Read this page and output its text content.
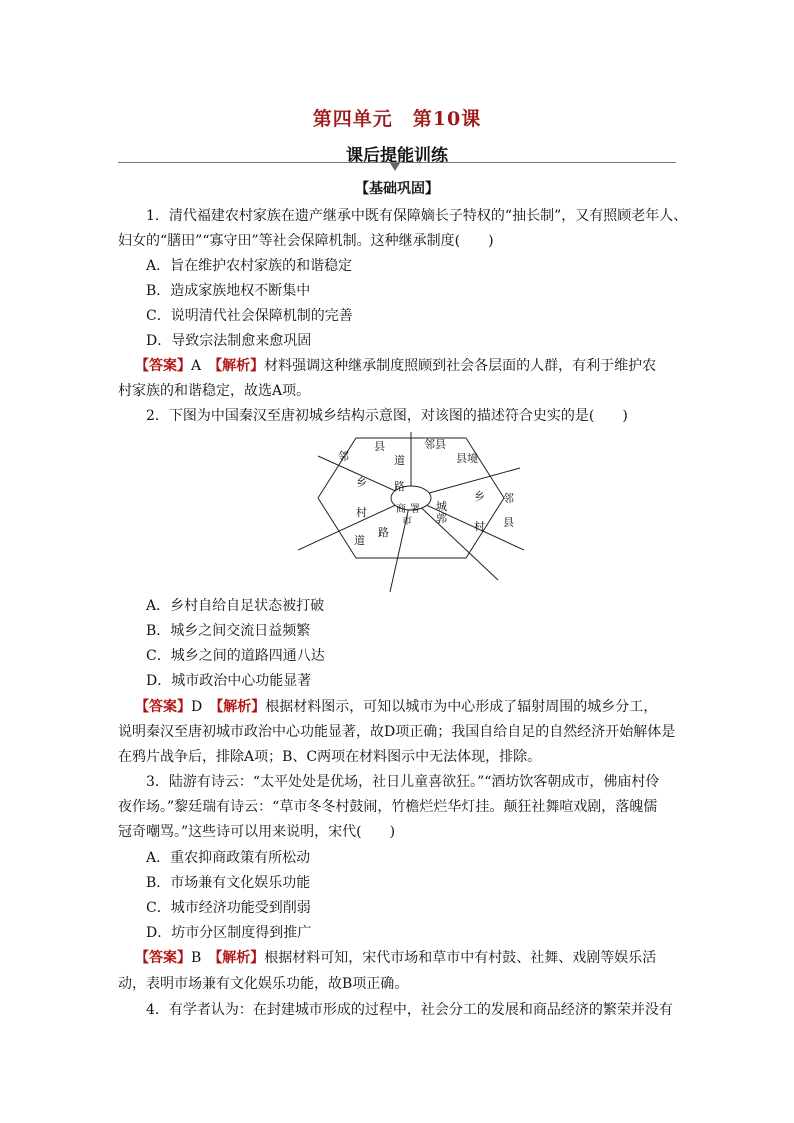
第四单元　第10课
课后提能训练
【基础巩固】
1．清代福建农村家族在遗产继承中既有保障嫡长子特权的“抽长制”，又有照顾老年人、
妇女的“膳田”“寡守田”等社会保障机制。这种继承制度(　　)
A．旨在维护农村家族的和谐稳定
B．造成家族地权不断集中
C．说明清代社会保障机制的完善
D．导致宗法制愈来愈巩固
【答案】A　 【解析】材料强调这种继承制度照顾到社会各层面的人群，有利于维护农
村家族的和谐稳定，故选A项。
2．下图为中国秦汉至唐初城乡结构示意图，对该图的描述符合史实的是(　　)
邻
县	邻县
县境
道
路
乡
村	商 署
市
城
郭
乡
村
邻
县
路
道
A．乡村自给自足状态被打破
B．城乡之间交流日益频繁
C．城乡之间的道路四通八达
D．城市政治中心功能显著
【答案】D　 【解析】根据材料图示，可知以城市为中心形成了辐射周围的城乡分工，
说明秦汉至唐初城市政治中心功能显著，故D项正确；我国自给自足的自然经济开始解体是
在鸦片战争后，排除A项；B、C两项在材料图示中无法体现，排除。
3．陆游有诗云：“太平处处是优场，社日儿童喜欲狂。”“酒坊饮客朝成市，佛庙村伶
夜作场。”黎廷瑞有诗云：“草市冬冬村鼓闹，竹檐烂烂华灯挂。颠狂社舞喧戏剧，落魄儒
冠奇嘲骂。”这些诗可以用来说明，宋代(　　)
A．重农抑商政策有所松动
B．市场兼有文化娱乐功能
C．城市经济功能受到削弱
D．坊市分区制度得到推广
【答案】B　 【解析】根据材料可知，宋代市场和草市中有村鼓、社舞、戏剧等娱乐活
动，表明市场兼有文化娱乐功能，故B项正确。
4．有学者认为：在封建城市形成的过程中，社会分工的发展和商品经济的繁荣并没有
